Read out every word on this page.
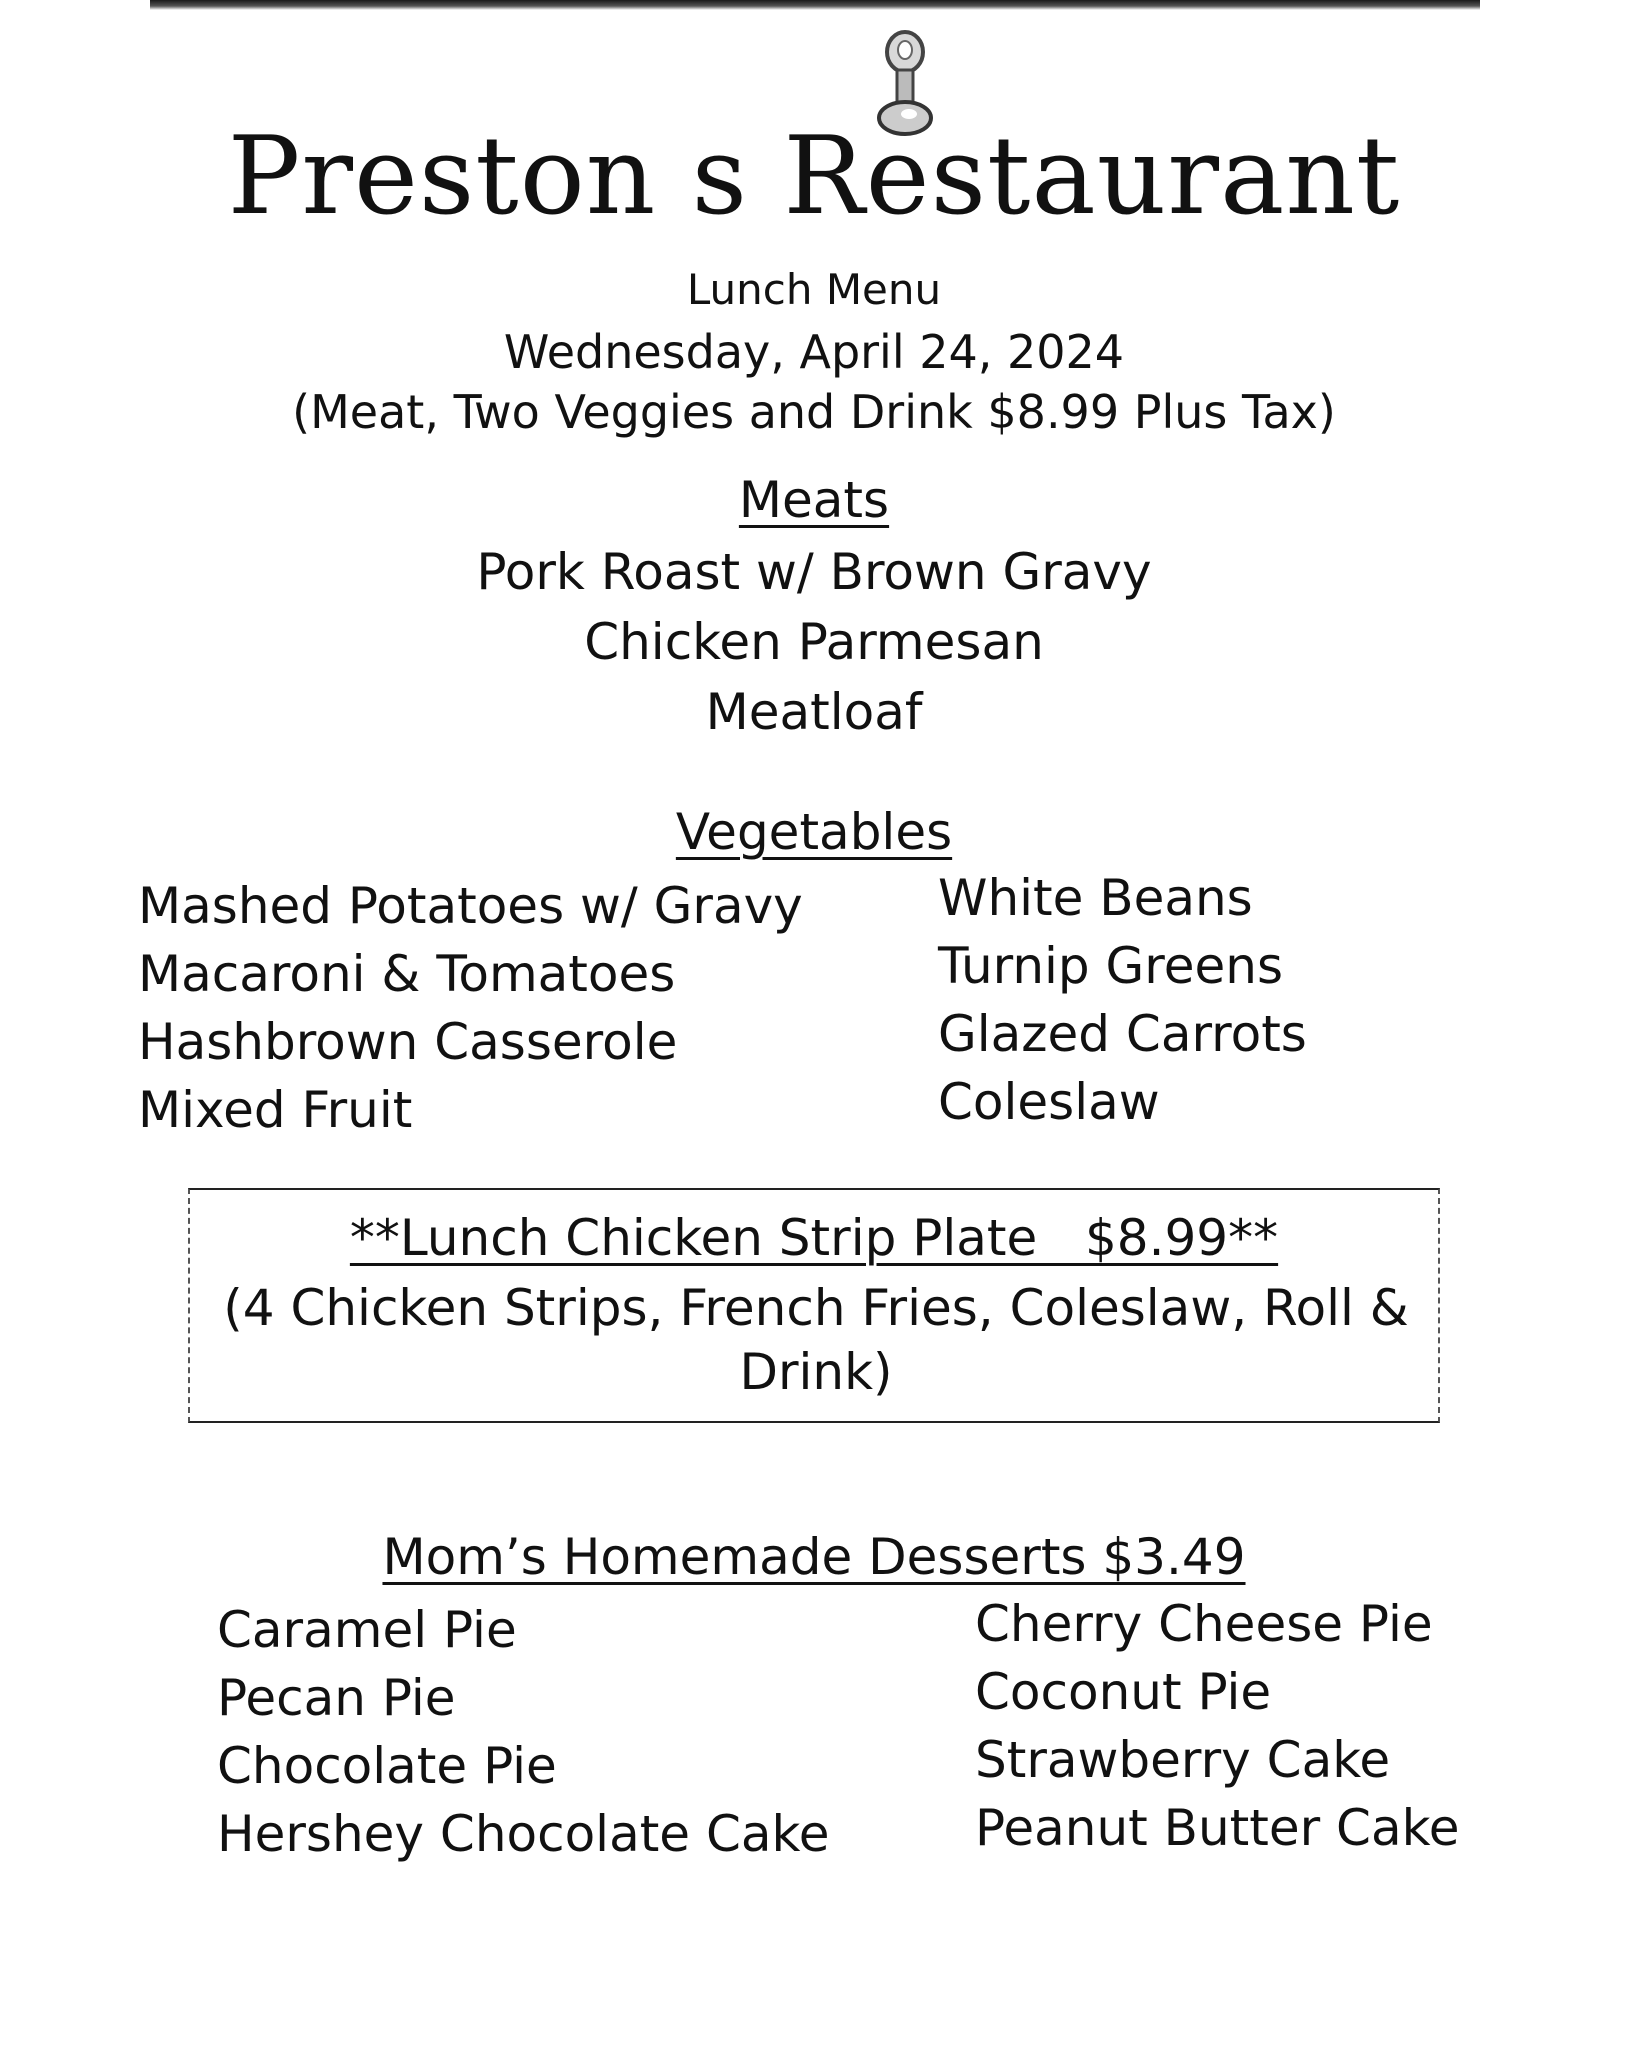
Preston s Restaurant
Lunch Menu
Wednesday, April 24, 2024
(Meat, Two Veggies and Drink $8.99 Plus Tax)
Meats
Pork Roast w/ Brown Gravy
Chicken Parmesan
Meatloaf
Vegetables
Mashed Potatoes w/ Gravy
Macaroni & Tomatoes
Hashbrown Casserole
Mixed Fruit
White Beans
Turnip Greens
Glazed Carrots
Coleslaw
**Lunch Chicken Strip Plate   $8.99**
(4 Chicken Strips, French Fries, Coleslaw, Roll & Drink)
Mom’s Homemade Desserts $3.49
Caramel Pie
Pecan Pie
Chocolate Pie
Hershey Chocolate Cake
Cherry Cheese Pie
Coconut Pie
Strawberry Cake
Peanut Butter Cake
